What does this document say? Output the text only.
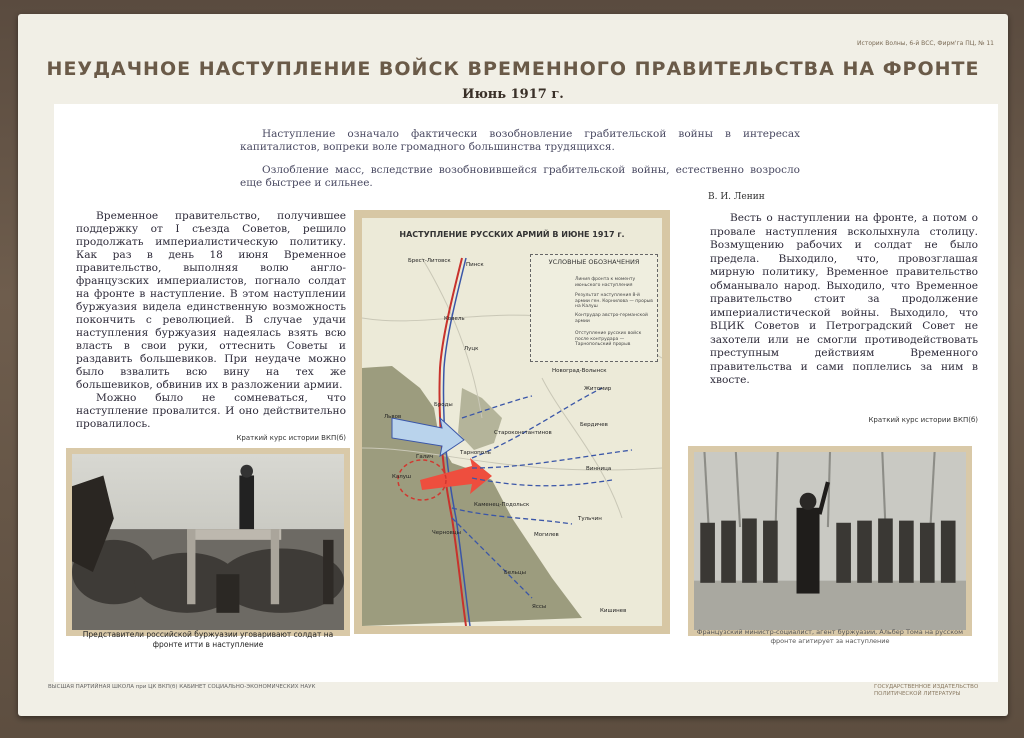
Историк Волны, 6-й ВСС, Фирм'га ПЦ, № 11
НЕУДАЧНОЕ НАСТУПЛЕНИЕ ВОЙСК ВРЕМЕННОГО ПРАВИТЕЛЬСТВА НА ФРОНТЕ
Июнь 1917 г.

Наступление означало фактически возобновление грабительской войны в интересах капиталистов, вопреки воле громадного большинства трудящихся.

Озлобление масс, вследствие возобновившейся грабительской войны, естественно возросло еще быстрее и сильнее.

В. И. Ленин

Временное правительство, получившее поддержку от I съезда Советов, решило продолжать империалистическую политику. Как раз в день 18 июня Временное правительство, выполняя волю англо-французских империалистов, погнало солдат на фронте в наступление. В этом наступлении буржуазия видела единственную возможность покончить с революцией. В случае удачи наступления буржуазия надеялась взять всю власть в свои руки, оттеснить Советы и раздавить большевиков. При неудаче можно было взвалить всю вину на тех же большевиков, обвинив их в разложении армии.

Можно было не сомневаться, что наступление провалится. И оно действительно провалилось.

Краткий курс истории ВКП(б)

Весть о наступлении на фронте, а потом о провале наступления всколыхнула столицу. Возмущению рабочих и солдат не было предела. Выходило, что, провозглашая мирную политику, Временное правительство обманывало народ. Выходило, что Временное правительство стоит за продолжение империалистической войны. Выходило, что ВЦИК Советов и Петроградский Совет не захотели или не смогли противодействовать преступным действиям Временного правительства и сами поплелись за ним в хвосте.

Краткий курс истории ВКП(б)
Представители российской буржуазии уговаривают солдат на фронте итти в наступление
Французский министр-социалист, агент буржуазии, Альбер Тома на русском фронте агитирует за наступление
НАСТУПЛЕНИЕ РУССКИХ АРМИЙ В ИЮНЕ 1917 г.
УСЛОВНЫЕ ОБОЗНАЧЕНИЯ
Линия фронта к моменту июньского наступления
Результат наступления 8-й армии ген. Корнилова — прорыв на Калуш
Контрудар австро-германской армии
Отступление русских войск после контрудара — Тарнопольский прорыв
Брест-Литовск
Пинск
Ковель
Луцк
Новоград-Волынск
Житомир
Львов
Броды
Староконстантинов
Бердичев
Тарнополь
Галич
Винница
Калуш
Каменец-Подольск
Тульчин
Черновцы	Могилев
Бельцы
Яссы
Кишинев
ВЫСШАЯ ПАРТИЙНАЯ ШКОЛА при ЦК ВКП(б) КАБИНЕТ СОЦИАЛЬНО-ЭКОНОМИЧЕСКИХ НАУК	ГОСУДАРСТВЕННОЕ ИЗДАТЕЛЬСТВО ПОЛИТИЧЕСКОЙ ЛИТЕРАТУРЫ
